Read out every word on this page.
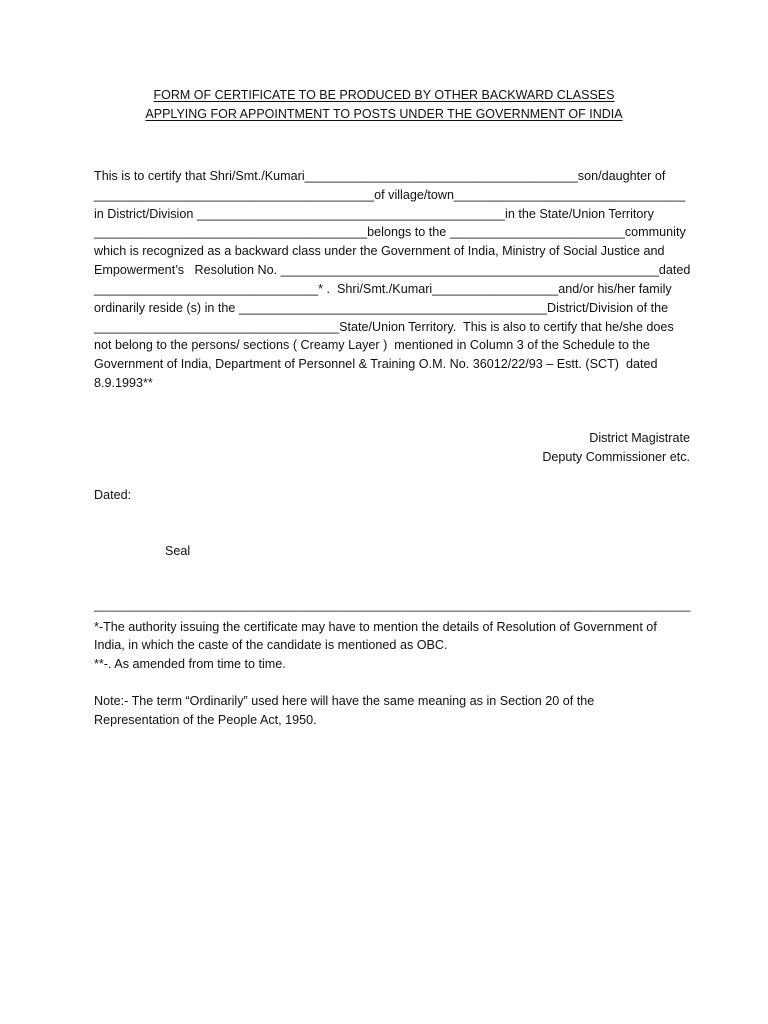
FORM OF CERTIFICATE TO BE PRODUCED BY OTHER BACKWARD CLASSES
APPLYING FOR APPOINTMENT TO POSTS UNDER THE GOVERNMENT OF INDIA
This is to certify that Shri/Smt./Kumari_______________________________________son/daughter of
________________________________________of village/town_________________________________
in District/Division ____________________________________________in the State/Union Territory
_______________________________________belongs to the _________________________community
which is recognized as a backward class under the Government of India, Ministry of Social Justice and
Empowerment’s   Resolution No. ______________________________________________________dated
________________________________* .  Shri/Smt./Kumari__________________and/or his/her family
ordinarily reside (s) in the ____________________________________________District/Division of the
___________________________________State/Union Territory.  This is also to certify that he/she does
not belong to the persons/ sections ( Creamy Layer )  mentioned in Column 3 of the Schedule to the
Government of India, Department of Personnel & Training O.M. No. 36012/22/93 – Estt. (SCT)  dated
8.9.1993**
District Magistrate
Deputy Commissioner etc.
Dated:
Seal
_____________________________________________________________________________________________
*-The authority issuing the certificate may have to mention the details of Resolution of Government of
India, in which the caste of the candidate is mentioned as OBC.
**-. As amended from time to time.
Note:- The term “Ordinarily” used here will have the same meaning as in Section 20 of the
Representation of the People Act, 1950.
